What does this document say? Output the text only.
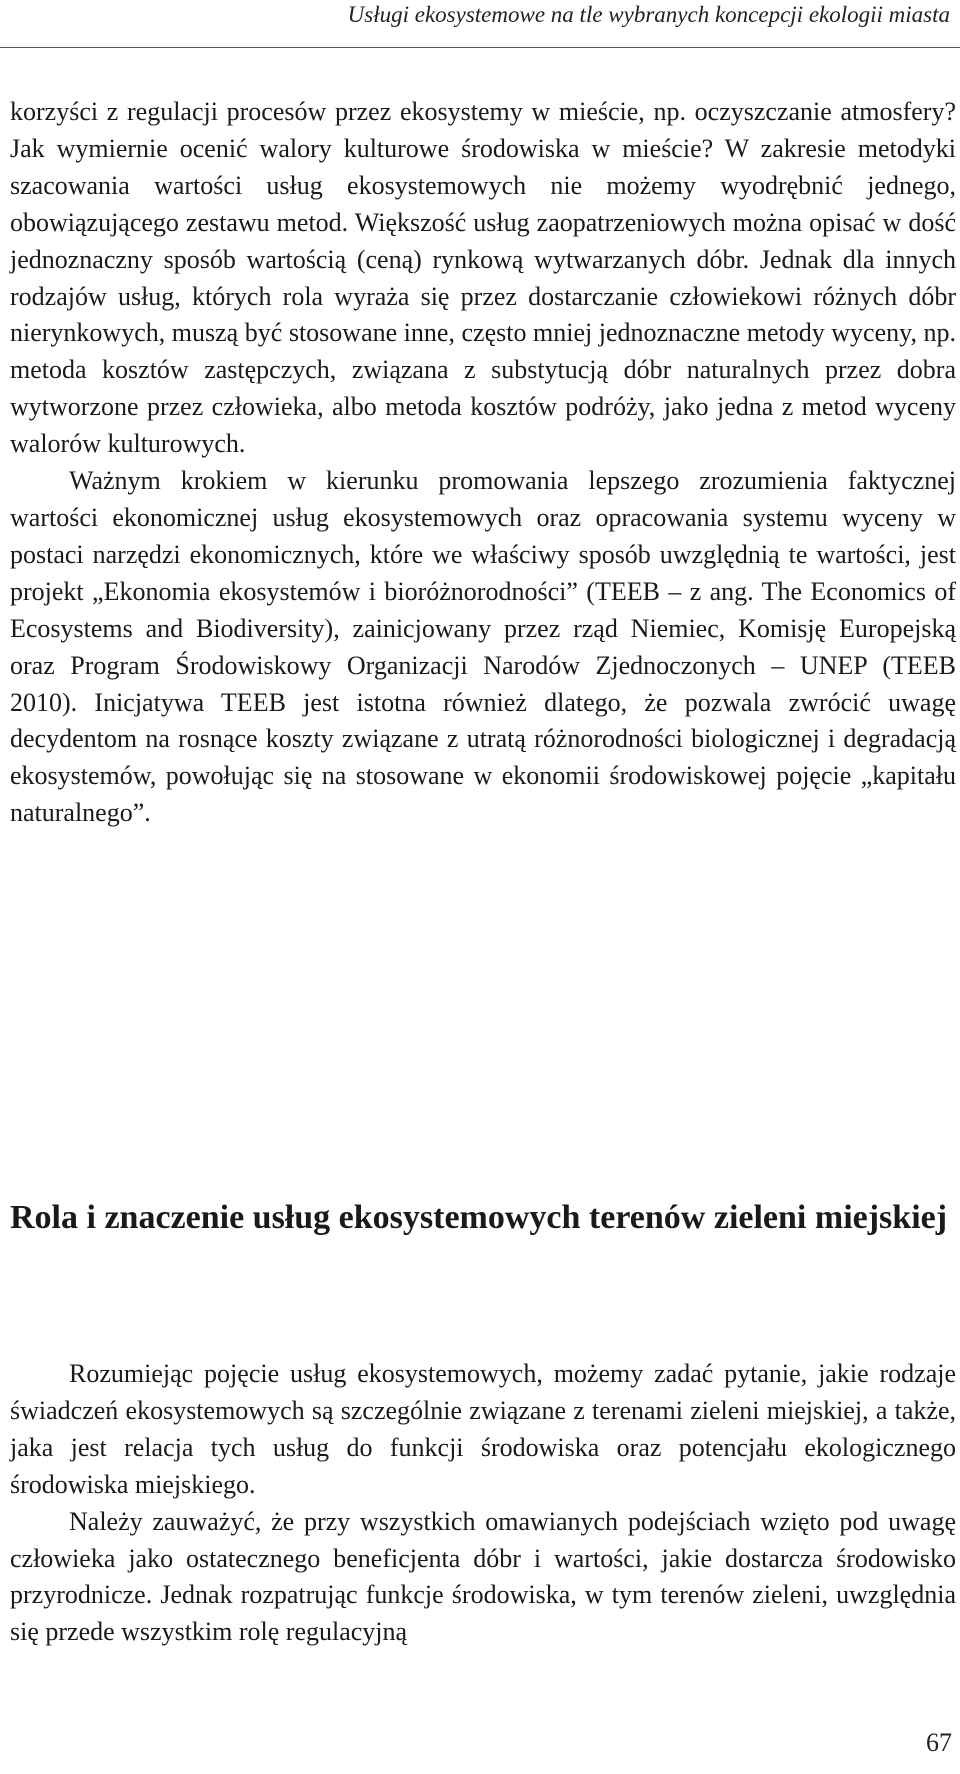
Usługi ekosystemowe na tle wybranych koncepcji ekologii miasta

korzyści z regulacji procesów przez ekosystemy w mieście, np. oczyszczanie atmosfery? Jak wymiernie ocenić walory kulturowe środowiska w mieście? W zakresie metodyki szacowania wartości usług ekosystemowych nie możemy wyodrębnić jednego, obowiązującego zestawu metod. Większość usług zaopatrzeniowych można opisać w dość jednoznaczny sposób wartością (ceną) rynkową wytwarzanych dóbr. Jednak dla innych rodzajów usług, których rola wyraża się przez dostarczanie człowiekowi różnych dóbr nierynkowych, muszą być stosowane inne, często mniej jednoznaczne metody wyceny, np. metoda kosztów zastępczych, związana z substytucją dóbr naturalnych przez dobra wytworzone przez człowieka, albo metoda kosztów podróży, jako jedna z metod wyceny walorów kulturowych.

Ważnym krokiem w kierunku promowania lepszego zrozumienia faktycznej wartości ekonomicznej usług ekosystemowych oraz opracowania systemu wyceny w postaci narzędzi ekonomicznych, które we właściwy sposób uwzględnią te wartości, jest projekt „Ekonomia ekosystemów i bioróżnorodności” (TEEB – z ang. The Economics of Ecosystems and Biodiversity), zainicjowany przez rząd Niemiec, Komisję Europejską oraz Program Środowiskowy Organizacji Narodów Zjednoczonych – UNEP (TEEB 2010). Inicjatywa TEEB jest istotna również dlatego, że pozwala zwrócić uwagę decydentom na rosnące koszty związane z utratą różnorodności biologicznej i degradacją ekosystemów, powołując się na stosowane w ekonomii środowiskowej pojęcie „kapitału naturalnego”.

Rola i znaczenie usług ekosystemowych terenów zieleni miejskiej

Rozumiejąc pojęcie usług ekosystemowych, możemy zadać pytanie, jakie rodzaje świadczeń ekosystemowych są szczególnie związane z terenami zieleni miejskiej, a także, jaka jest relacja tych usług do funkcji środowiska oraz potencjału ekologicznego środowiska miejskiego.

Należy zauważyć, że przy wszystkich omawianych podejściach wzięto pod uwagę człowieka jako ostatecznego beneficjenta dóbr i wartości, jakie dostarcza środowisko przyrodnicze. Jednak rozpatrując funkcje środowiska, w tym terenów zieleni, uwzględnia się przede wszystkim rolę regulacyjną

67
